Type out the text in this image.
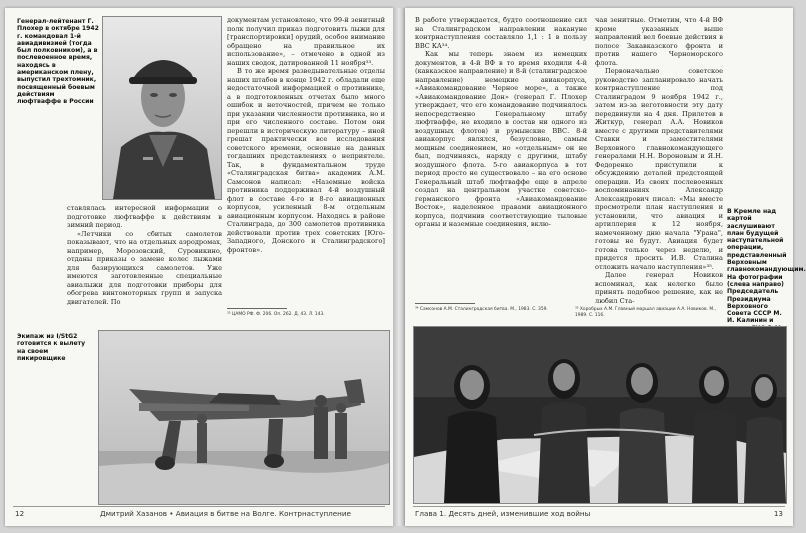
Генерал-лейтенант Г. Плохер в октябре 1942 г. командовал 1-й авиадивизией (тогда был полковником), а в послевоенное время, находясь в американском плену, выпустил трехтомник, посвященный боевым действиям люфтваффе в России

документам установлено, что 99-й зенитный полк получил приказ подготовить лыжи для [транспортировки] орудий, особое внимание обращено на правильное их использование», – отмечено в одной из наших сводок, датированной 11 ноября³³.

В то же время разведывательные отделы наших штабов в конце 1942 г. обладали еще недостаточной информацией о противнике, а в подготовленных отчетах было много ошибок и неточностей, причем не только при указании численности противника, но и при его численного составе. Потом они перешли в историческую литературу – иной грешат практически все исследования советского времени, основные на данных тогдашних представлениях о неприятеле. Так, в фундаментальном труде «Сталинградская битва» академик А.М. Самсонов написал: «Наземные войска противника поддерживал 4-й воздушный флот в составе 4-го и 8-го авиационных корпусов, усиленный 8-м отдельным авиационным корпусом. Находясь в районе Сталинграда, до 300 самолетов противника действовали против трех советских [Юго-Западного, Донского и Сталинградского] фронтов».

ставлялась интересной информации о подготовке люфтваффе к действиям в зимний период.

«Летчики со сбитых самолетов показывают, что на отдельных аэродромах, например, Морозовский, Суровикино, отданы приказы о замене колес лыжами для базирующихся самолетов. Уже имеются заготовленные специальные авиалыжи для подготовки приборы для обогрева винтомоторных групп и запуска двигателей. По

³³ ЦАМО РФ. Ф. 206. Оп. 262. Д. 43. Л. 143.
Экипаж из I/StG2 готовится к вылету на своем пикировщике
12	Дмитрий Хазанов • Авиация в битве на Волге. Контрнаступление

В работе утверждается, будто соотношение сил на Сталинградском направлении накануне контрнаступления составляло 1,1 : 1 в пользу ВВС КА³⁴.

Как мы теперь знаем из немецких документов, в 4-й ВФ в то время входили 4-й (кавказское направление) и 8-й (сталинградское направление) немецкие авиакорпуса, «Авиакомандование Черное море», а также «Авиакомандование Дон» (генерал Г. Плохер утверждает, что его командование подчинялось непосредственно Генеральному штабу люфтваффе, не входило в состав ни одного из воздушных флотов) и румынские ВВС. 8-й авиакорпус являлся, безусловно, самым мощным соединением, но «отдельным» он не был, подчиняясь, наряду с другими, штабу воздушного флота. 5-го авиакорпуса в тот период просто не существовало – на его основе Генеральный штаб люфтваффе еще в апреле создал на центральном участке советско-германского фронта «Авиакомандование Восток», наделенное правами авиационного корпуса, подчинив соответствующие тыловые органы и наземные соединения, вклю-

чая зенитные. Отметим, что 4-й ВФ кроме указанных выше направлений вел боевые действия в полосе Закавказского фронта и против нашего Черноморского флота.

Первоначально советское руководство запланировало начать контрнаступление под Сталинградом 9 ноября 1942 г., затем из-за неготовности эту дату передвинули на 4 дня. Прилетев в Житкур, генерал А.А. Новиков вместе с другими представителями Ставки и заместителями Верховного главнокомандующего генералами Н.Н. Вороновым и Я.Н. Федоренко приступили к обсуждению деталей предстоящей операции. Из своих послевоенных воспоминаниях Александр Александрович писал: «Мы вместе просмотрели план наступления и установили, что авиация и артиллерия к 12 ноября, намеченному дню начала "Урана", готовы не будут. Авиация будет готова только через неделю, и придется просить И.В. Сталина отложить начало наступления»³⁵.

Далее генерал Новиков вспоминал, как нелегко было принять подобное решение, как не любил Ста-

В Кремле над картой заслушивают план будущей наступательной операции, представленный Верховным главнокомандующим. На фотографии (слева направо) Председатель Президиума Верховного Совета СССР М. И. Калинин и
³⁴ Самсонов А.М. Сталинградская битва. М., 1983. С. 359.	³⁵ Хоробрых А.М. Главный маршал авиации А.А. Новиков. М., 1989. С. 116.
Глава 1. Десять дней, изменившие ход войны	13
